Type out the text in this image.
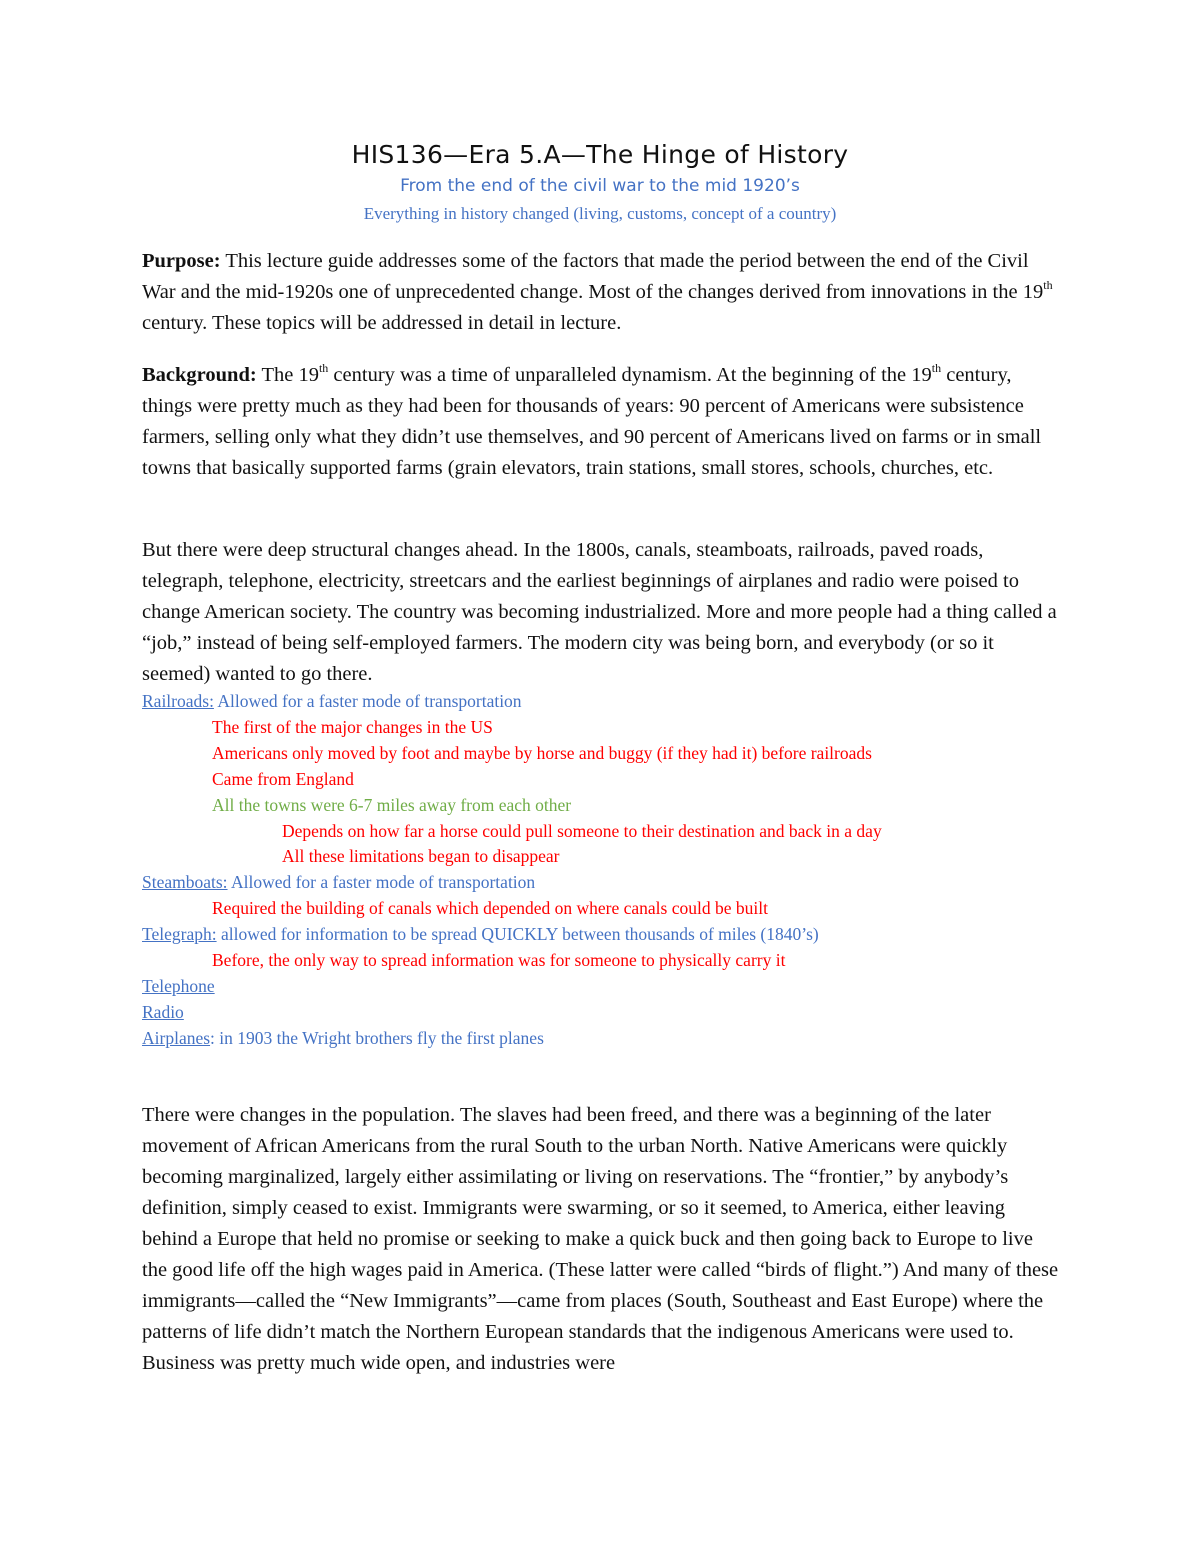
HIS136—Era 5.A—The Hinge of History
From the end of the civil war to the mid 1920’s
Everything in history changed (living, customs, concept of a country)

Purpose: This lecture guide addresses some of the factors that made the period between the end of the Civil War and the mid-1920s one of unprecedented change. Most of the changes derived from innovations in the 19th century. These topics will be addressed in detail in lecture.

Background: The 19th century was a time of unparalleled dynamism. At the beginning of the 19th century, things were pretty much as they had been for thousands of years: 90 percent of Americans were subsistence farmers, selling only what they didn’t use themselves, and 90 percent of Americans lived on farms or in small towns that basically supported farms (grain elevators, train stations, small stores, schools, churches, etc.

But there were deep structural changes ahead. In the 1800s, canals, steamboats, railroads, paved roads, telegraph, telephone, electricity, streetcars and the earliest beginnings of airplanes and radio were poised to change American society. The country was becoming industrialized. More and more people had a thing called a “job,” instead of being self-employed farmers. The modern city was being born, and everybody (or so it seemed) wanted to go there.

Railroads: Allowed for a faster mode of transportation
The first of the major changes in the US
Americans only moved by foot and maybe by horse and buggy (if they had it) before railroads
Came from England
All the towns were 6-7 miles away from each other
Depends on how far a horse could pull someone to their destination and back in a day
All these limitations began to disappear
Steamboats: Allowed for a faster mode of transportation
Required the building of canals which depended on where canals could be built
Telegraph: allowed for information to be spread QUICKLY between thousands of miles (1840’s)
Before, the only way to spread information was for someone to physically carry it
Telephone
Radio
Airplanes: in 1903 the Wright brothers fly the first planes

There were changes in the population. The slaves had been freed, and there was a beginning of the later movement of African Americans from the rural South to the urban North. Native Americans were quickly becoming marginalized, largely either assimilating or living on reservations. The “frontier,” by anybody’s definition, simply ceased to exist. Immigrants were swarming, or so it seemed, to America, either leaving behind a Europe that held no promise or seeking to make a quick buck and then going back to Europe to live the good life off the high wages paid in America. (These latter were called “birds of flight.”) And many of these immigrants—called the “New Immigrants”—came from places (South, Southeast and East Europe) where the patterns of life didn’t match the Northern European standards that the indigenous Americans were used to. Business was pretty much wide open, and industries were
